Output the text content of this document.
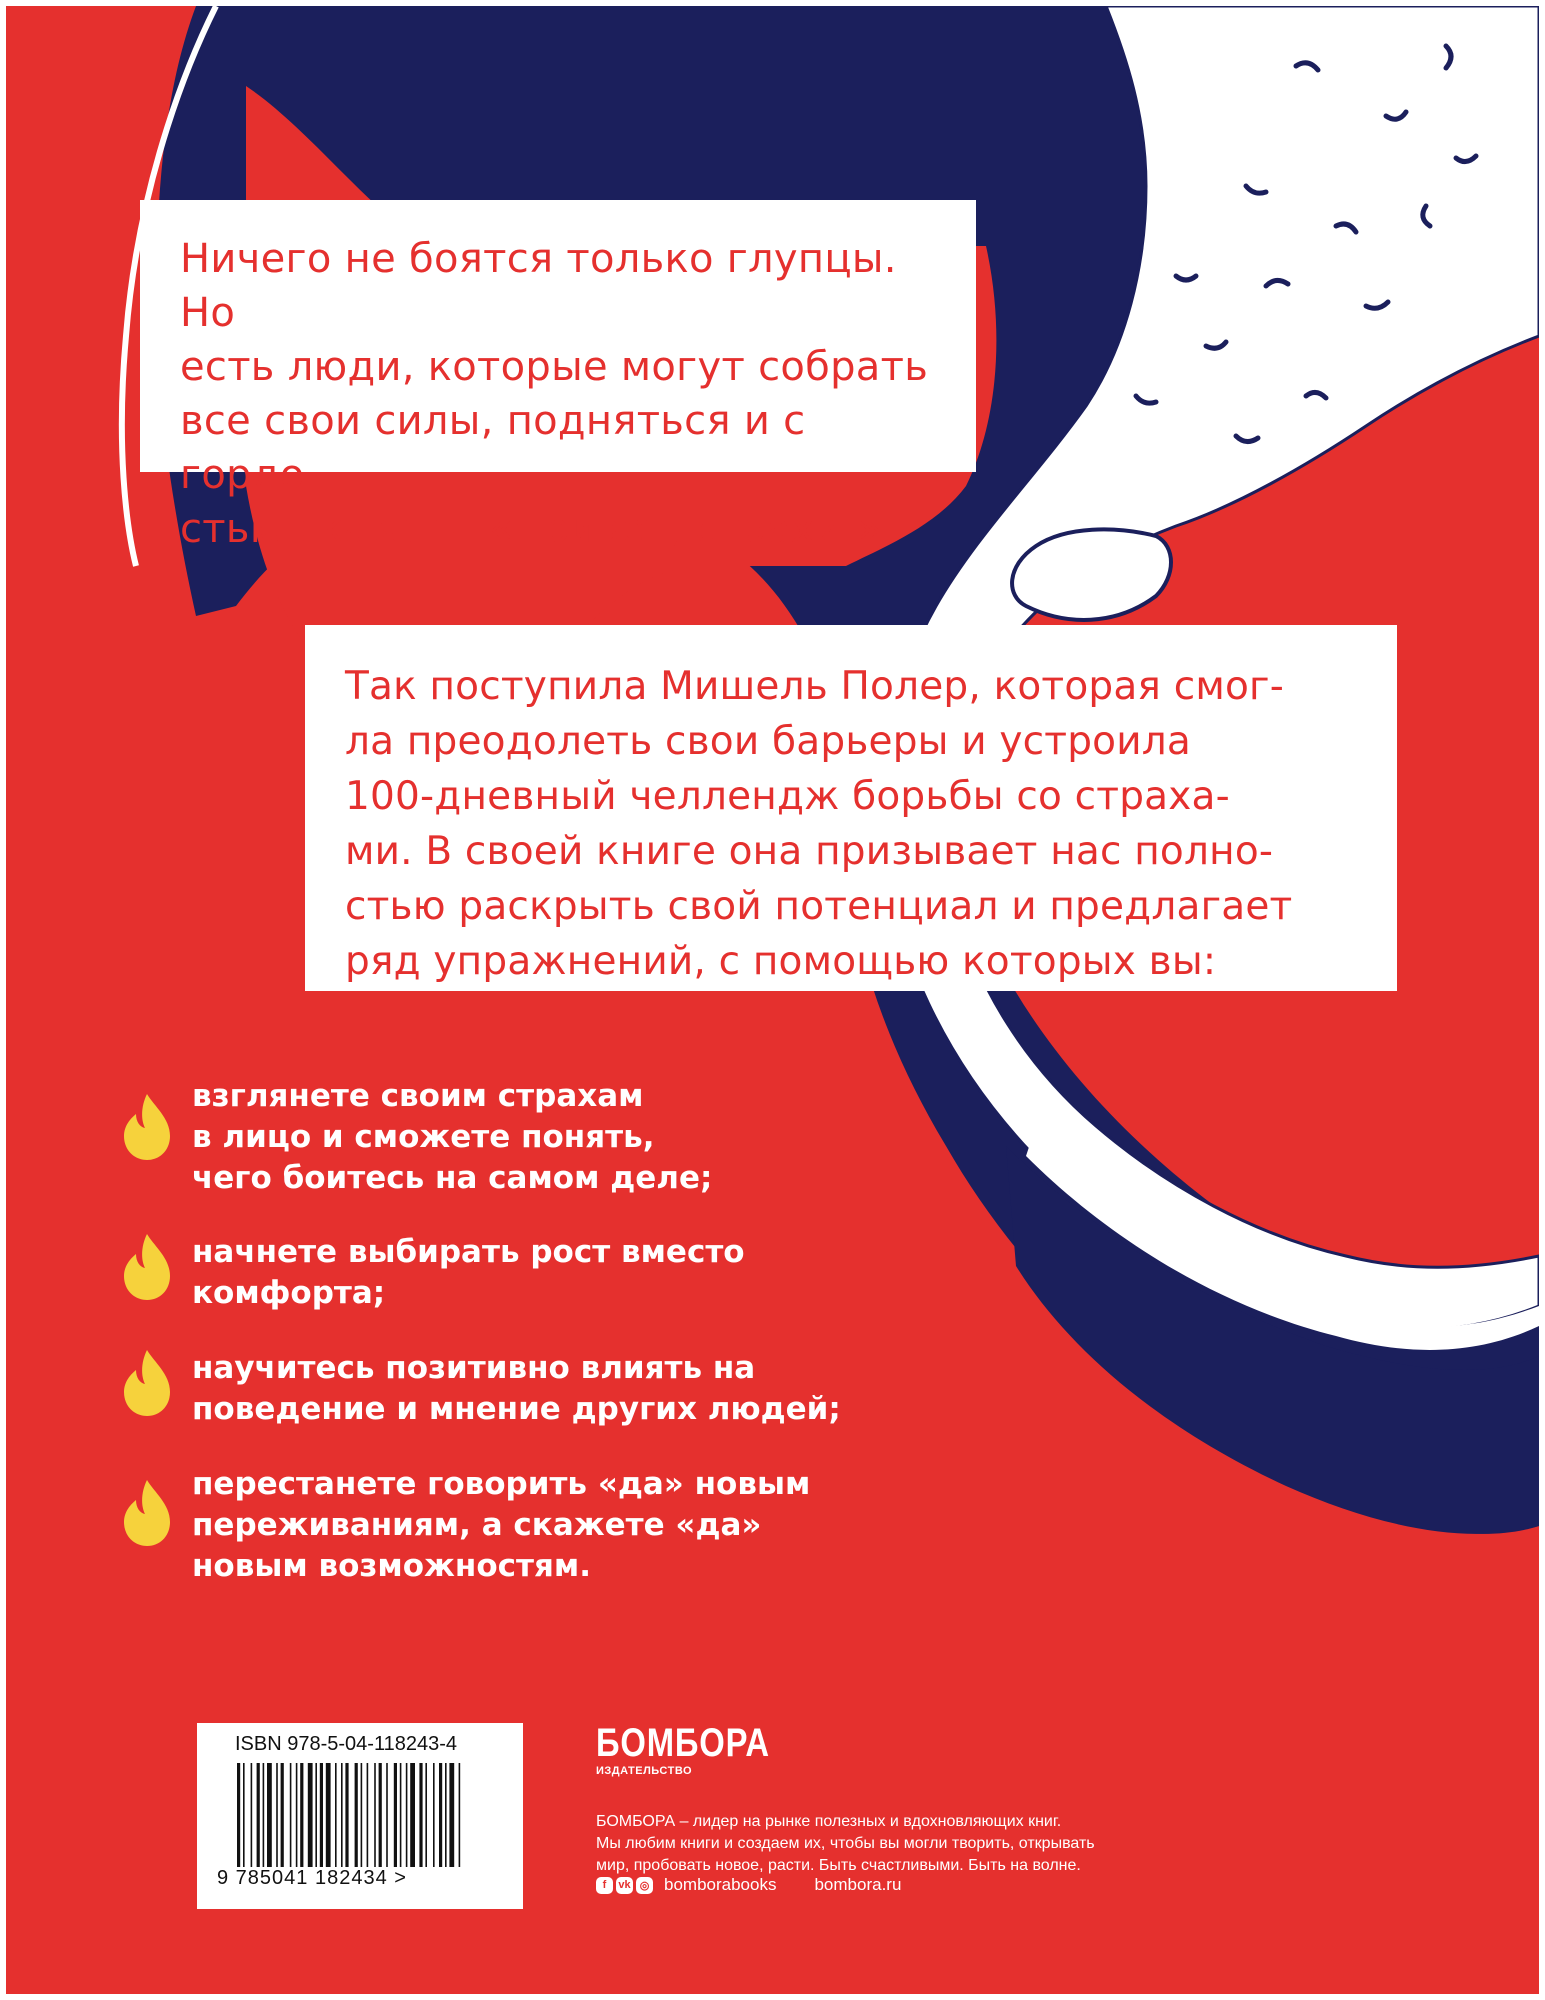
Ничего не боятся только глупцы. Но
есть люди, которые могут собрать
все свои силы, подняться и с гордо-
стью сказать: «Привет, страхи!»

Так поступила Мишель Полер, которая смог-
ла преодолеть свои барьеры и устроила
100-дневный челлендж борьбы со страха-
ми. В своей книге она призывает нас полно-
стью раскрыть свой потенциал и предлагает
ряд упражнений, с помощью которых вы:

взглянете своим страхам
в лицо и сможете понять,
чего боитесь на самом деле;
начнете выбирать рост вместо
комфорта;
научитесь позитивно влиять на
поведение и мнение других людей;
перестанете говорить «да» новым
переживаниям, а скажете «да»
новым возможностям.
ISBN 978-5-04-118243-4
9 785041 182434 >
БОМБОРА
ИЗДАТЕЛЬСТВО
БОМБОРА – лидер на рынке полезных и вдохновляющих книг.
Мы любим книги и создаем их, чтобы вы могли творить, открывать
мир, пробовать новое, расти. Быть счастливыми. Быть на волне.
f	vk ◎ bomborabooks bombora.ru
